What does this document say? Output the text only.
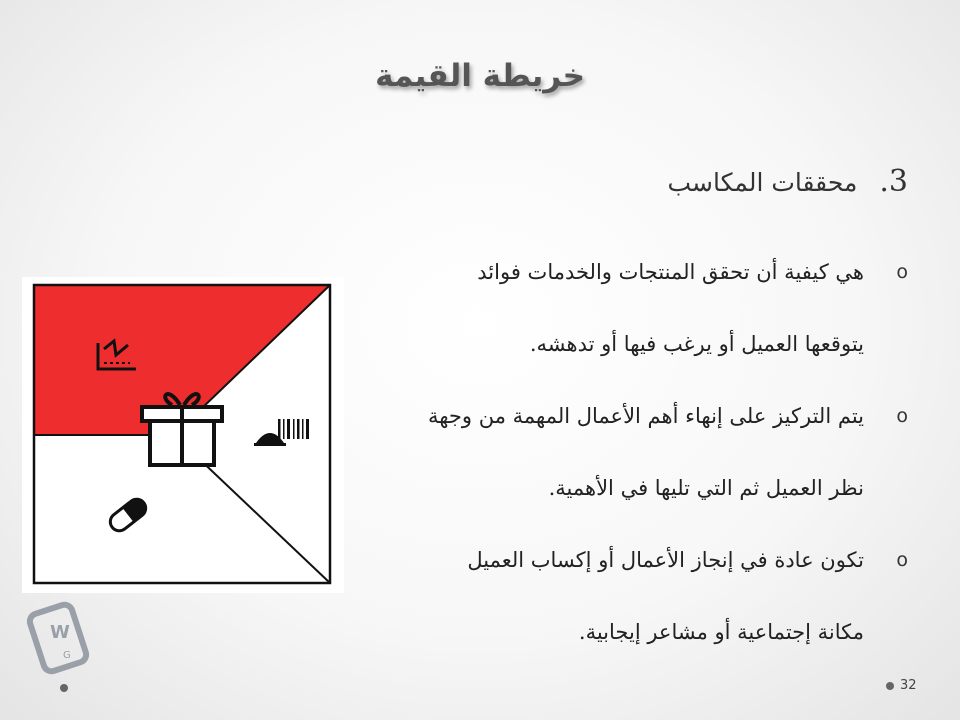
خريطة القيمة
3.
محققات المكاسب
o
هي كيفية أن تحقق المنتجات والخدمات فوائد
يتوقعها العميل أو يرغب فيها أو تدهشه.
o
يتم التركيز على إنهاء أهم الأعمال المهمة من وجهة
نظر العميل ثم التي تليها في الأهمية.
o
تكون عادة في إنجاز الأعمال أو إكساب العميل
مكانة إجتماعية أو مشاعر إيجابية.
W
G
32
